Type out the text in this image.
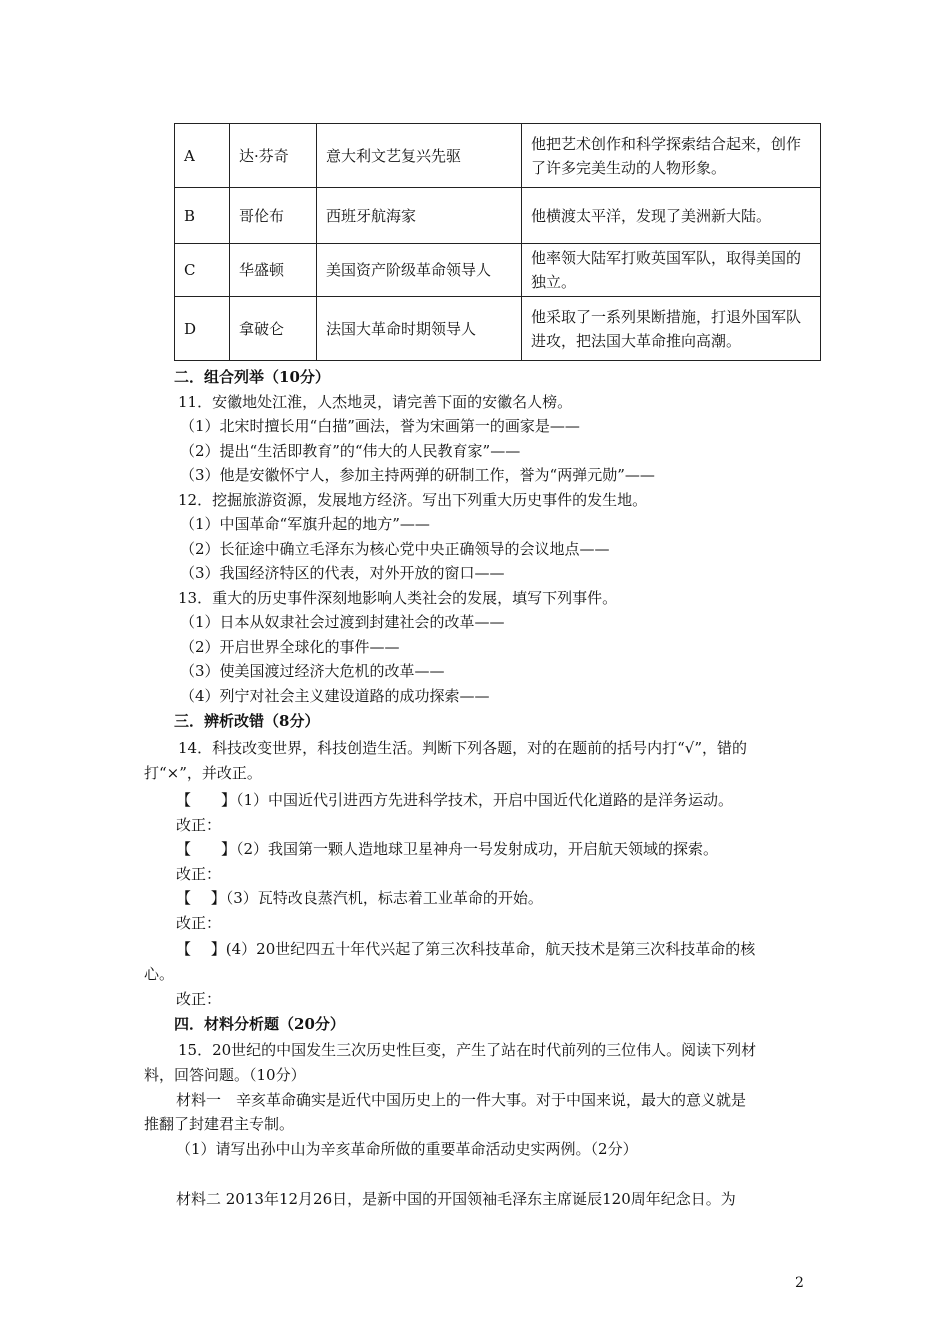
A	达·芬奇	意大利文艺复兴先驱	他把艺术创作和科学探索结合起来，创作了许多完美生动的人物形象。
B	哥伦布	西班牙航海家	他横渡太平洋，发现了美洲新大陆。
C	华盛顿	美国资产阶级革命领导人	他率领大陆军打败英国军队，取得美国的独立。
D	拿破仑	法国大革命时期领导人	他采取了一系列果断措施，打退外国军队进攻，把法国大革命推向高潮。
二．组合列举（10分）
11．安徽地处江淮，人杰地灵，请完善下面的安徽名人榜。
（1）北宋时擅长用“白描”画法，誉为宋画第一的画家是——
（2）提出“生活即教育”的“伟大的人民教育家”——
（3）他是安徽怀宁人，参加主持两弹的研制工作，誉为“两弹元勋”——
12．挖掘旅游资源，发展地方经济。写出下列重大历史事件的发生地。
（1）中国革命“军旗升起的地方”——
（2）长征途中确立毛泽东为核心党中央正确领导的会议地点——
（3）我国经济特区的代表，对外开放的窗口——
13．重大的历史事件深刻地影响人类社会的发展，填写下列事件。
（1）日本从奴隶社会过渡到封建社会的改革——
（2）开启世界全球化的事件——
（3）使美国渡过经济大危机的改革——
（4）列宁对社会主义建设道路的成功探索——
三．辨析改错（8分）
14．科技改变世界，科技创造生活。判断下列各题，对的在题前的括号内打“√”，错的
打“×”，并改正。
【　　】（1）中国近代引进西方先进科学技术，开启中国近代化道路的是洋务运动。
改正：
【　　】（2）我国第一颗人造地球卫星神舟一号发射成功，开启航天领域的探索。
改正：
【　 】（3）瓦特改良蒸汽机，标志着工业革命的开始。
改正：
【　 】(4）20世纪四五十年代兴起了第三次科技革命，航天技术是第三次科技革命的核
心。
改正：
四．材料分析题（20分）
15．20世纪的中国发生三次历史性巨变，产生了站在时代前列的三位伟人。阅读下列材
料，回答问题。（10分）
材料一　辛亥革命确实是近代中国历史上的一件大事。对于中国来说，最大的意义就是
推翻了封建君主专制。
（1）请写出孙中山为辛亥革命所做的重要革命活动史实两例。（2分）
材料二 2013年12月26日，是新中国的开国领袖毛泽东主席诞辰120周年纪念日。为
2
